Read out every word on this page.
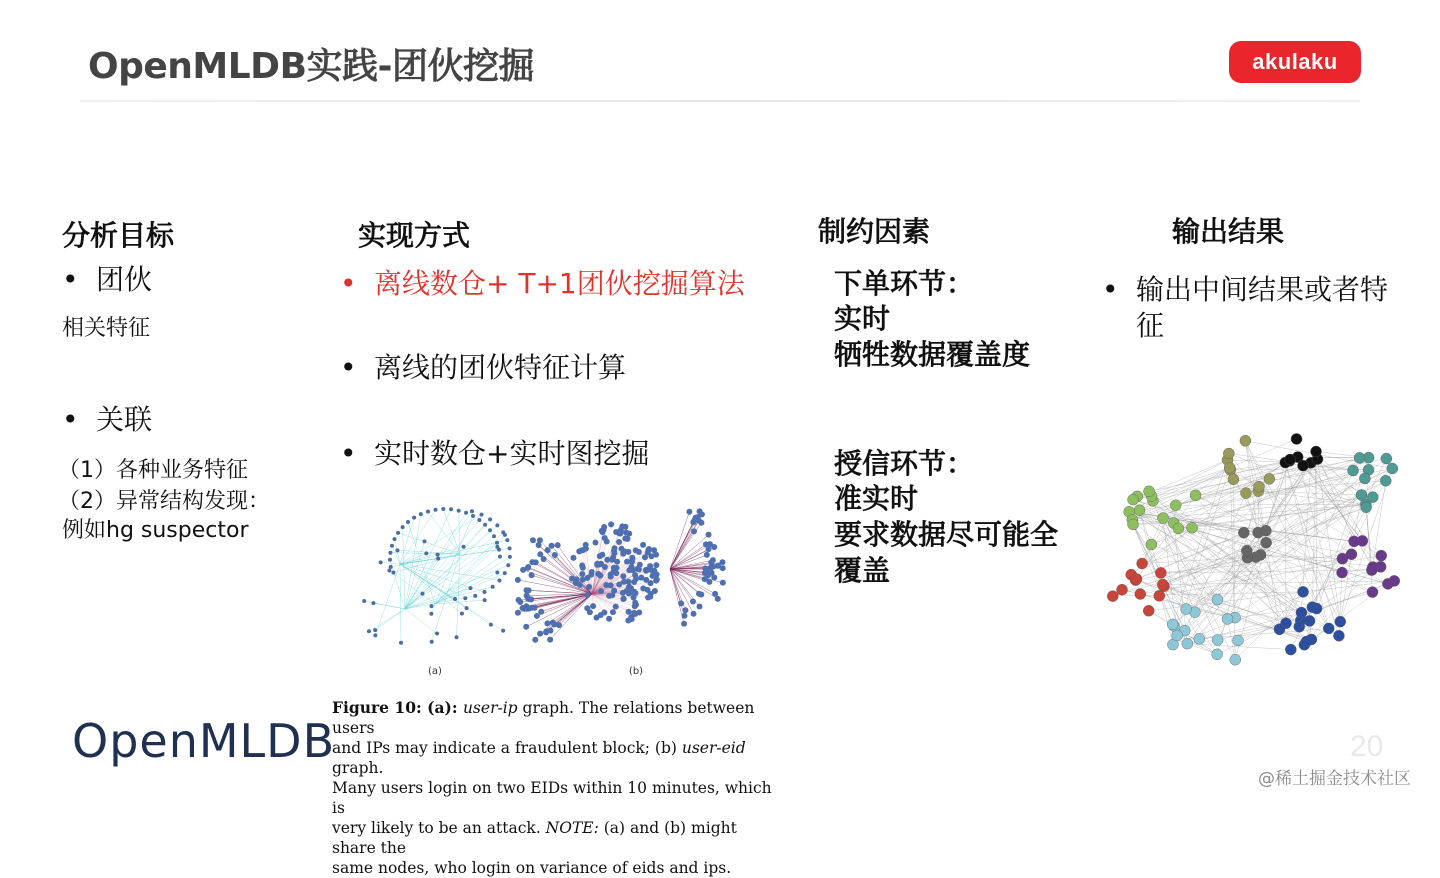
OpenMLDB实践-团伙挖掘	akulaku
分析目标
• 团伙
相关特征
• 关联
（1）各种业务特征
（2）异常结构发现：
例如hg suspector
实现方式
• 离线数仓+ T+1团伙挖掘算法
• 离线的团伙特征计算
• 实时数仓+实时图挖掘
制约因素
下单环节：
实时
牺牲数据覆盖度
授信环节：
准实时
要求数据尽可能全
覆盖
输出结果
• 输出中间结果或者特
征
(a)	(b)
Figure 10: (a): user-ip graph. The relations between users
and IPs may indicate a fraudulent block; (b) user-eid graph.
Many users login on two EIDs within 10 minutes, which is
very likely to be an attack. NOTE: (a) and (b) might share the
same nodes, who login on variance of eids and ips.
OpenMLDB	20
@稀土掘金技术社区
